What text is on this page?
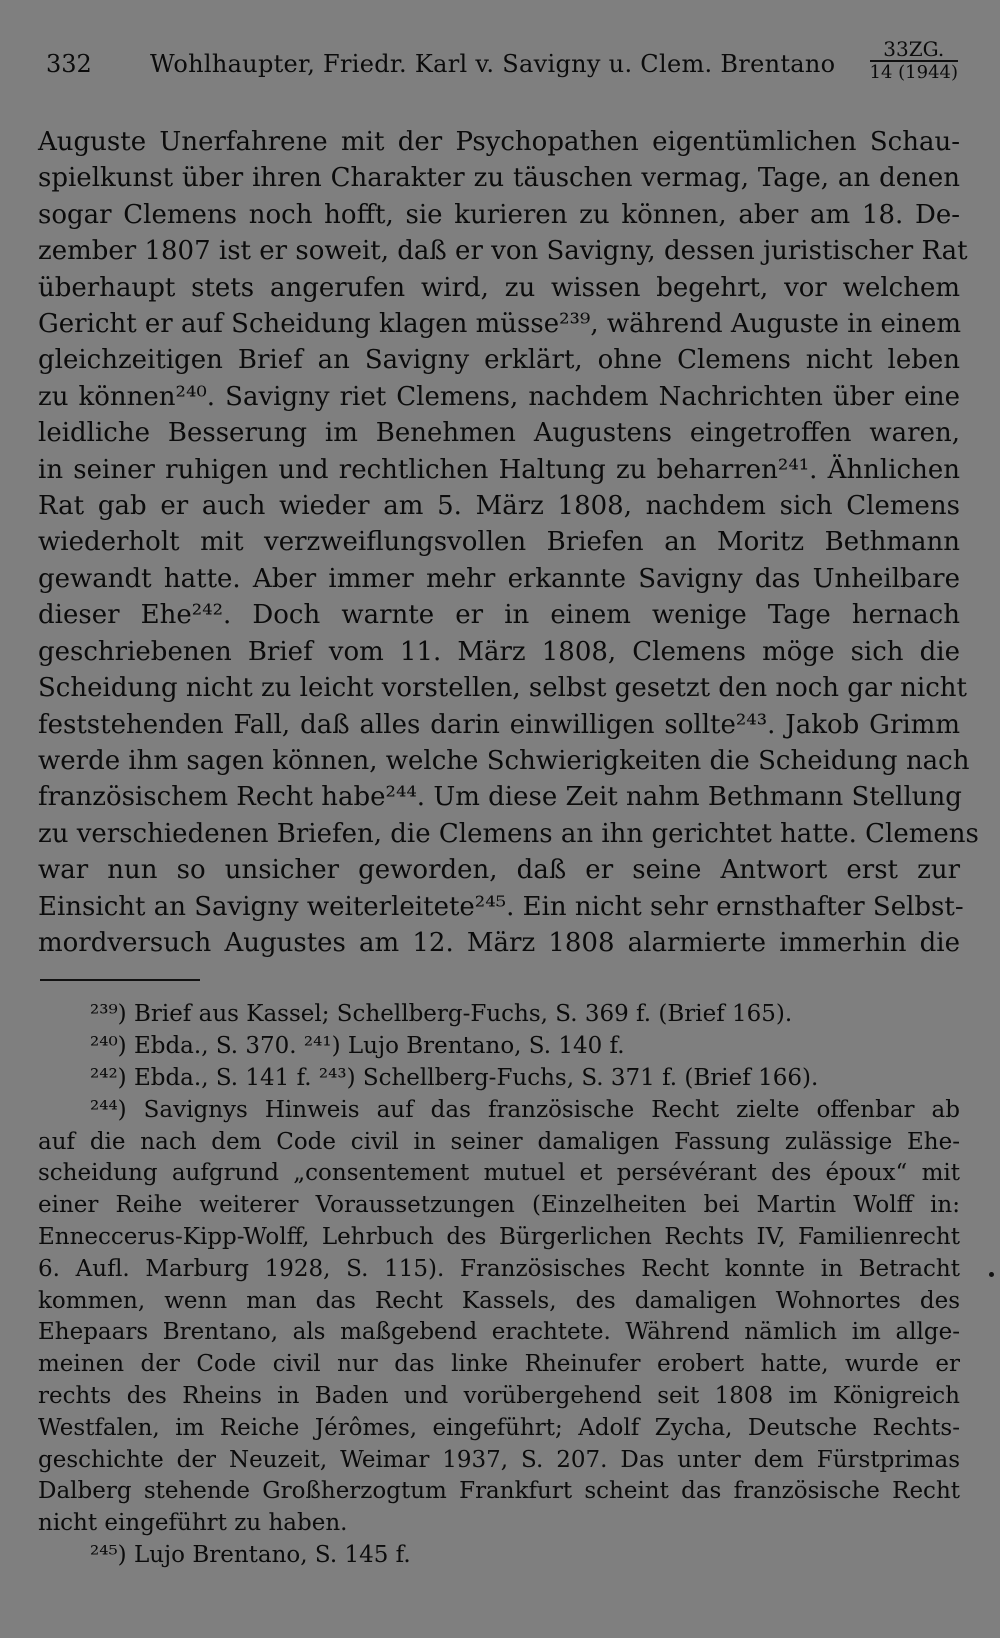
332 Wohlhaupter, Friedr. Karl v. Savigny u. Clem. Brentano
33ZG.
14 (1944)
Auguste Unerfahrene mit der Psychopathen eigentümlichen Schau-
spielkunst über ihren Charakter zu täuschen vermag, Tage, an denen
sogar Clemens noch hofft, sie kurieren zu können, aber am 18. De-
zember 1807 ist er soweit, daß er von Savigny, dessen juristischer Rat
überhaupt stets angerufen wird, zu wissen begehrt, vor welchem
Gericht er auf Scheidung klagen müsse²³⁹, während Auguste in einem
gleichzeitigen Brief an Savigny erklärt, ohne Clemens nicht leben
zu können²⁴⁰. Savigny riet Clemens, nachdem Nachrichten über eine
leidliche Besserung im Benehmen Augustens eingetroffen waren,
in seiner ruhigen und rechtlichen Haltung zu beharren²⁴¹. Ähnlichen
Rat gab er auch wieder am 5. März 1808, nachdem sich Clemens
wiederholt mit verzweiflungsvollen Briefen an Moritz Bethmann
gewandt hatte. Aber immer mehr erkannte Savigny das Unheilbare
dieser Ehe²⁴². Doch warnte er in einem wenige Tage hernach
geschriebenen Brief vom 11. März 1808, Clemens möge sich die
Scheidung nicht zu leicht vorstellen, selbst gesetzt den noch gar nicht
feststehenden Fall, daß alles darin einwilligen sollte²⁴³. Jakob Grimm
werde ihm sagen können, welche Schwierigkeiten die Scheidung nach
französischem Recht habe²⁴⁴. Um diese Zeit nahm Bethmann Stellung
zu verschiedenen Briefen, die Clemens an ihn gerichtet hatte. Clemens
war nun so unsicher geworden, daß er seine Antwort erst zur
Einsicht an Savigny weiterleitete²⁴⁵. Ein nicht sehr ernsthafter Selbst-
mordversuch Augustes am 12. März 1808 alarmierte immerhin die
²³⁹) Brief aus Kassel; Schellberg-Fuchs, S. 369 f. (Brief 165).
²⁴⁰) Ebda., S. 370. ²⁴¹) Lujo Brentano, S. 140 f.
²⁴²) Ebda., S. 141 f. ²⁴³) Schellberg-Fuchs, S. 371 f. (Brief 166).
²⁴⁴) Savignys Hinweis auf das französische Recht zielte offenbar ab
auf die nach dem Code civil in seiner damaligen Fassung zulässige Ehe-
scheidung aufgrund „consentement mutuel et persévérant des époux“ mit
einer Reihe weiterer Voraussetzungen (Einzelheiten bei Martin Wolff in:
Enneccerus-Kipp-Wolff, Lehrbuch des Bürgerlichen Rechts IV, Familienrecht
6. Aufl. Marburg 1928, S. 115). Französisches Recht konnte in Betracht
kommen, wenn man das Recht Kassels, des damaligen Wohnortes des
Ehepaars Brentano, als maßgebend erachtete. Während nämlich im allge-
meinen der Code civil nur das linke Rheinufer erobert hatte, wurde er
rechts des Rheins in Baden und vorübergehend seit 1808 im Königreich
Westfalen, im Reiche Jérômes, eingeführt; Adolf Zycha, Deutsche Rechts-
geschichte der Neuzeit, Weimar 1937, S. 207. Das unter dem Fürstprimas
Dalberg stehende Großherzogtum Frankfurt scheint das französische Recht
nicht eingeführt zu haben.
²⁴⁵) Lujo Brentano, S. 145 f.
